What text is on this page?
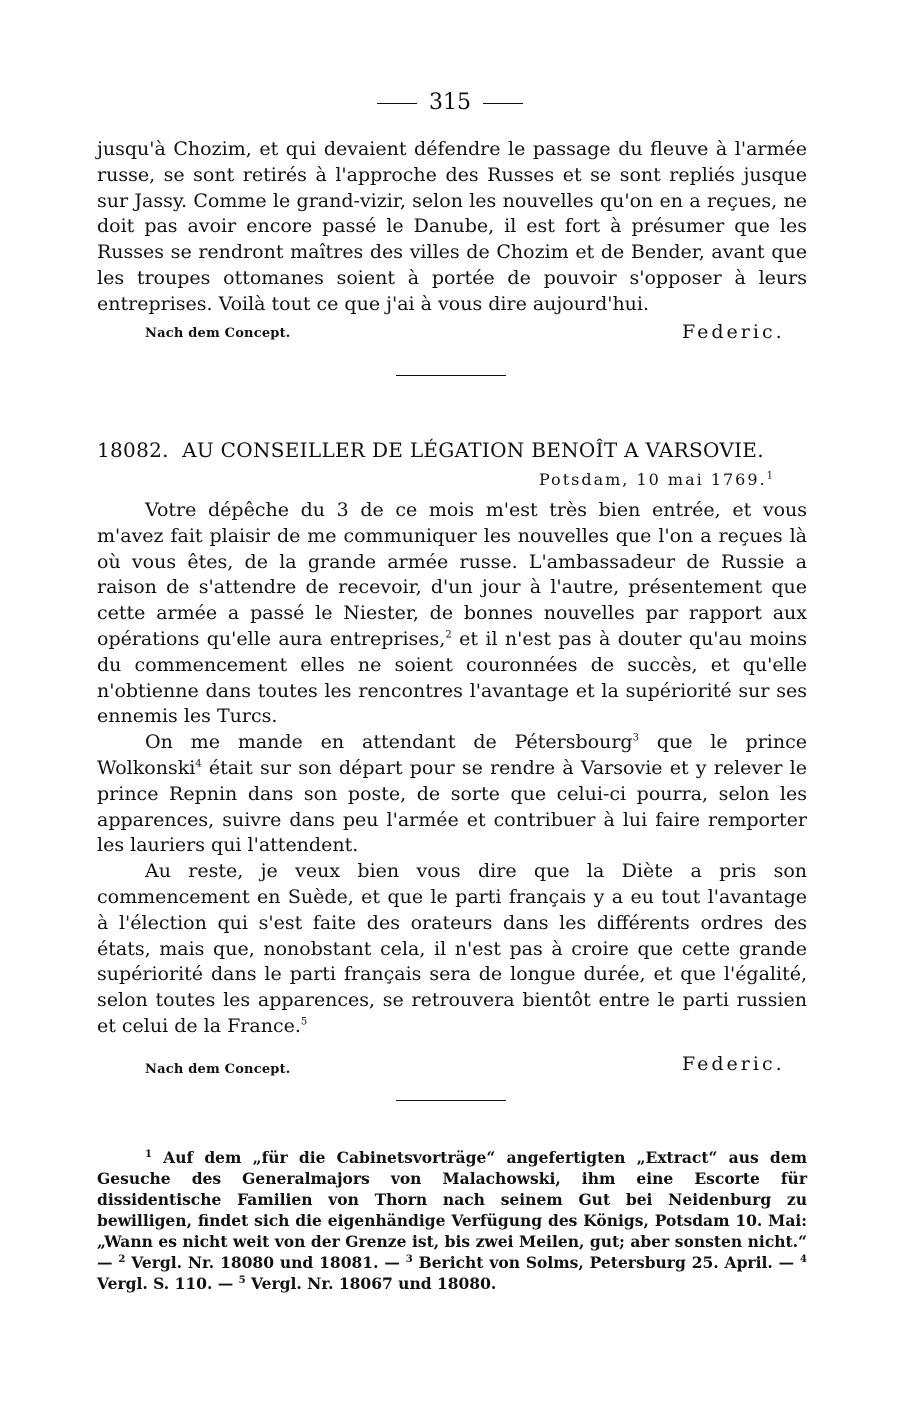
315

jusqu'à Chozim, et qui devaient défendre le passage du fleuve à l'armée russe, se sont retirés à l'approche des Russes et se sont repliés jusque sur Jassy. Comme le grand-vizir, selon les nouvelles qu'on en a reçues, ne doit pas avoir encore passé le Danube, il est fort à présumer que les Russes se rendront maîtres des villes de Chozim et de Bender, avant que les troupes ottomanes soient à portée de pouvoir s'opposer à leurs entreprises. Voilà tout ce que j'ai à vous dire aujourd'hui.

Nach dem Concept.	Federic.
18082. AU CONSEILLER DE LÉGATION BENOÎT A VARSOVIE.
Potsdam, 10 mai 1769.$^1$

Votre dépêche du 3 de ce mois m'est très bien entrée, et vous m'avez fait plaisir de me communiquer les nouvelles que l'on a reçues là où vous êtes, de la grande armée russe. L'ambassadeur de Russie a raison de s'attendre de recevoir, d'un jour à l'autre, présentement que cette armée a passé le Niester, de bonnes nouvelles par rapport aux opérations qu'elle aura entreprises,$^2$ et il n'est pas à douter qu'au moins du commencement elles ne soient couronnées de succès, et qu'elle n'obtienne dans toutes les rencontres l'avantage et la supériorité sur ses ennemis les Turcs.

On me mande en attendant de Pétersbourg$^3$ que le prince Wolkonski$^4$ était sur son départ pour se rendre à Varsovie et y relever le prince Repnin dans son poste, de sorte que celui-ci pourra, selon les apparences, suivre dans peu l'armée et contribuer à lui faire remporter les lauriers qui l'attendent.

Au reste, je veux bien vous dire que la Diète a pris son commencement en Suède, et que le parti français y a eu tout l'avantage à l'élection qui s'est faite des orateurs dans les différents ordres des états, mais que, nonobstant cela, il n'est pas à croire que cette grande supériorité dans le parti français sera de longue durée, et que l'égalité, selon toutes les apparences, se retrouvera bientôt entre le parti russien et celui de la France.$^5$

Nach dem Concept.	Federic.

$^1$ Auf dem „für die Cabinetsvorträge“ angefertigten „Extract“ aus dem Gesuche des Generalmajors von Malachowski, ihm eine Escorte für dissidentische Familien von Thorn nach seinem Gut bei Neidenburg zu bewilligen, findet sich die eigenhändige Verfügung des Königs, Potsdam 10. Mai: „Wann es nicht weit von der Grenze ist, bis zwei Meilen, gut; aber sonsten nicht.“ — $^2$ Vergl. Nr. 18080 und 18081. — $^3$ Bericht von Solms, Petersburg 25. April. — $^4$ Vergl. S. 110. — $^5$ Vergl. Nr. 18067 und 18080.
